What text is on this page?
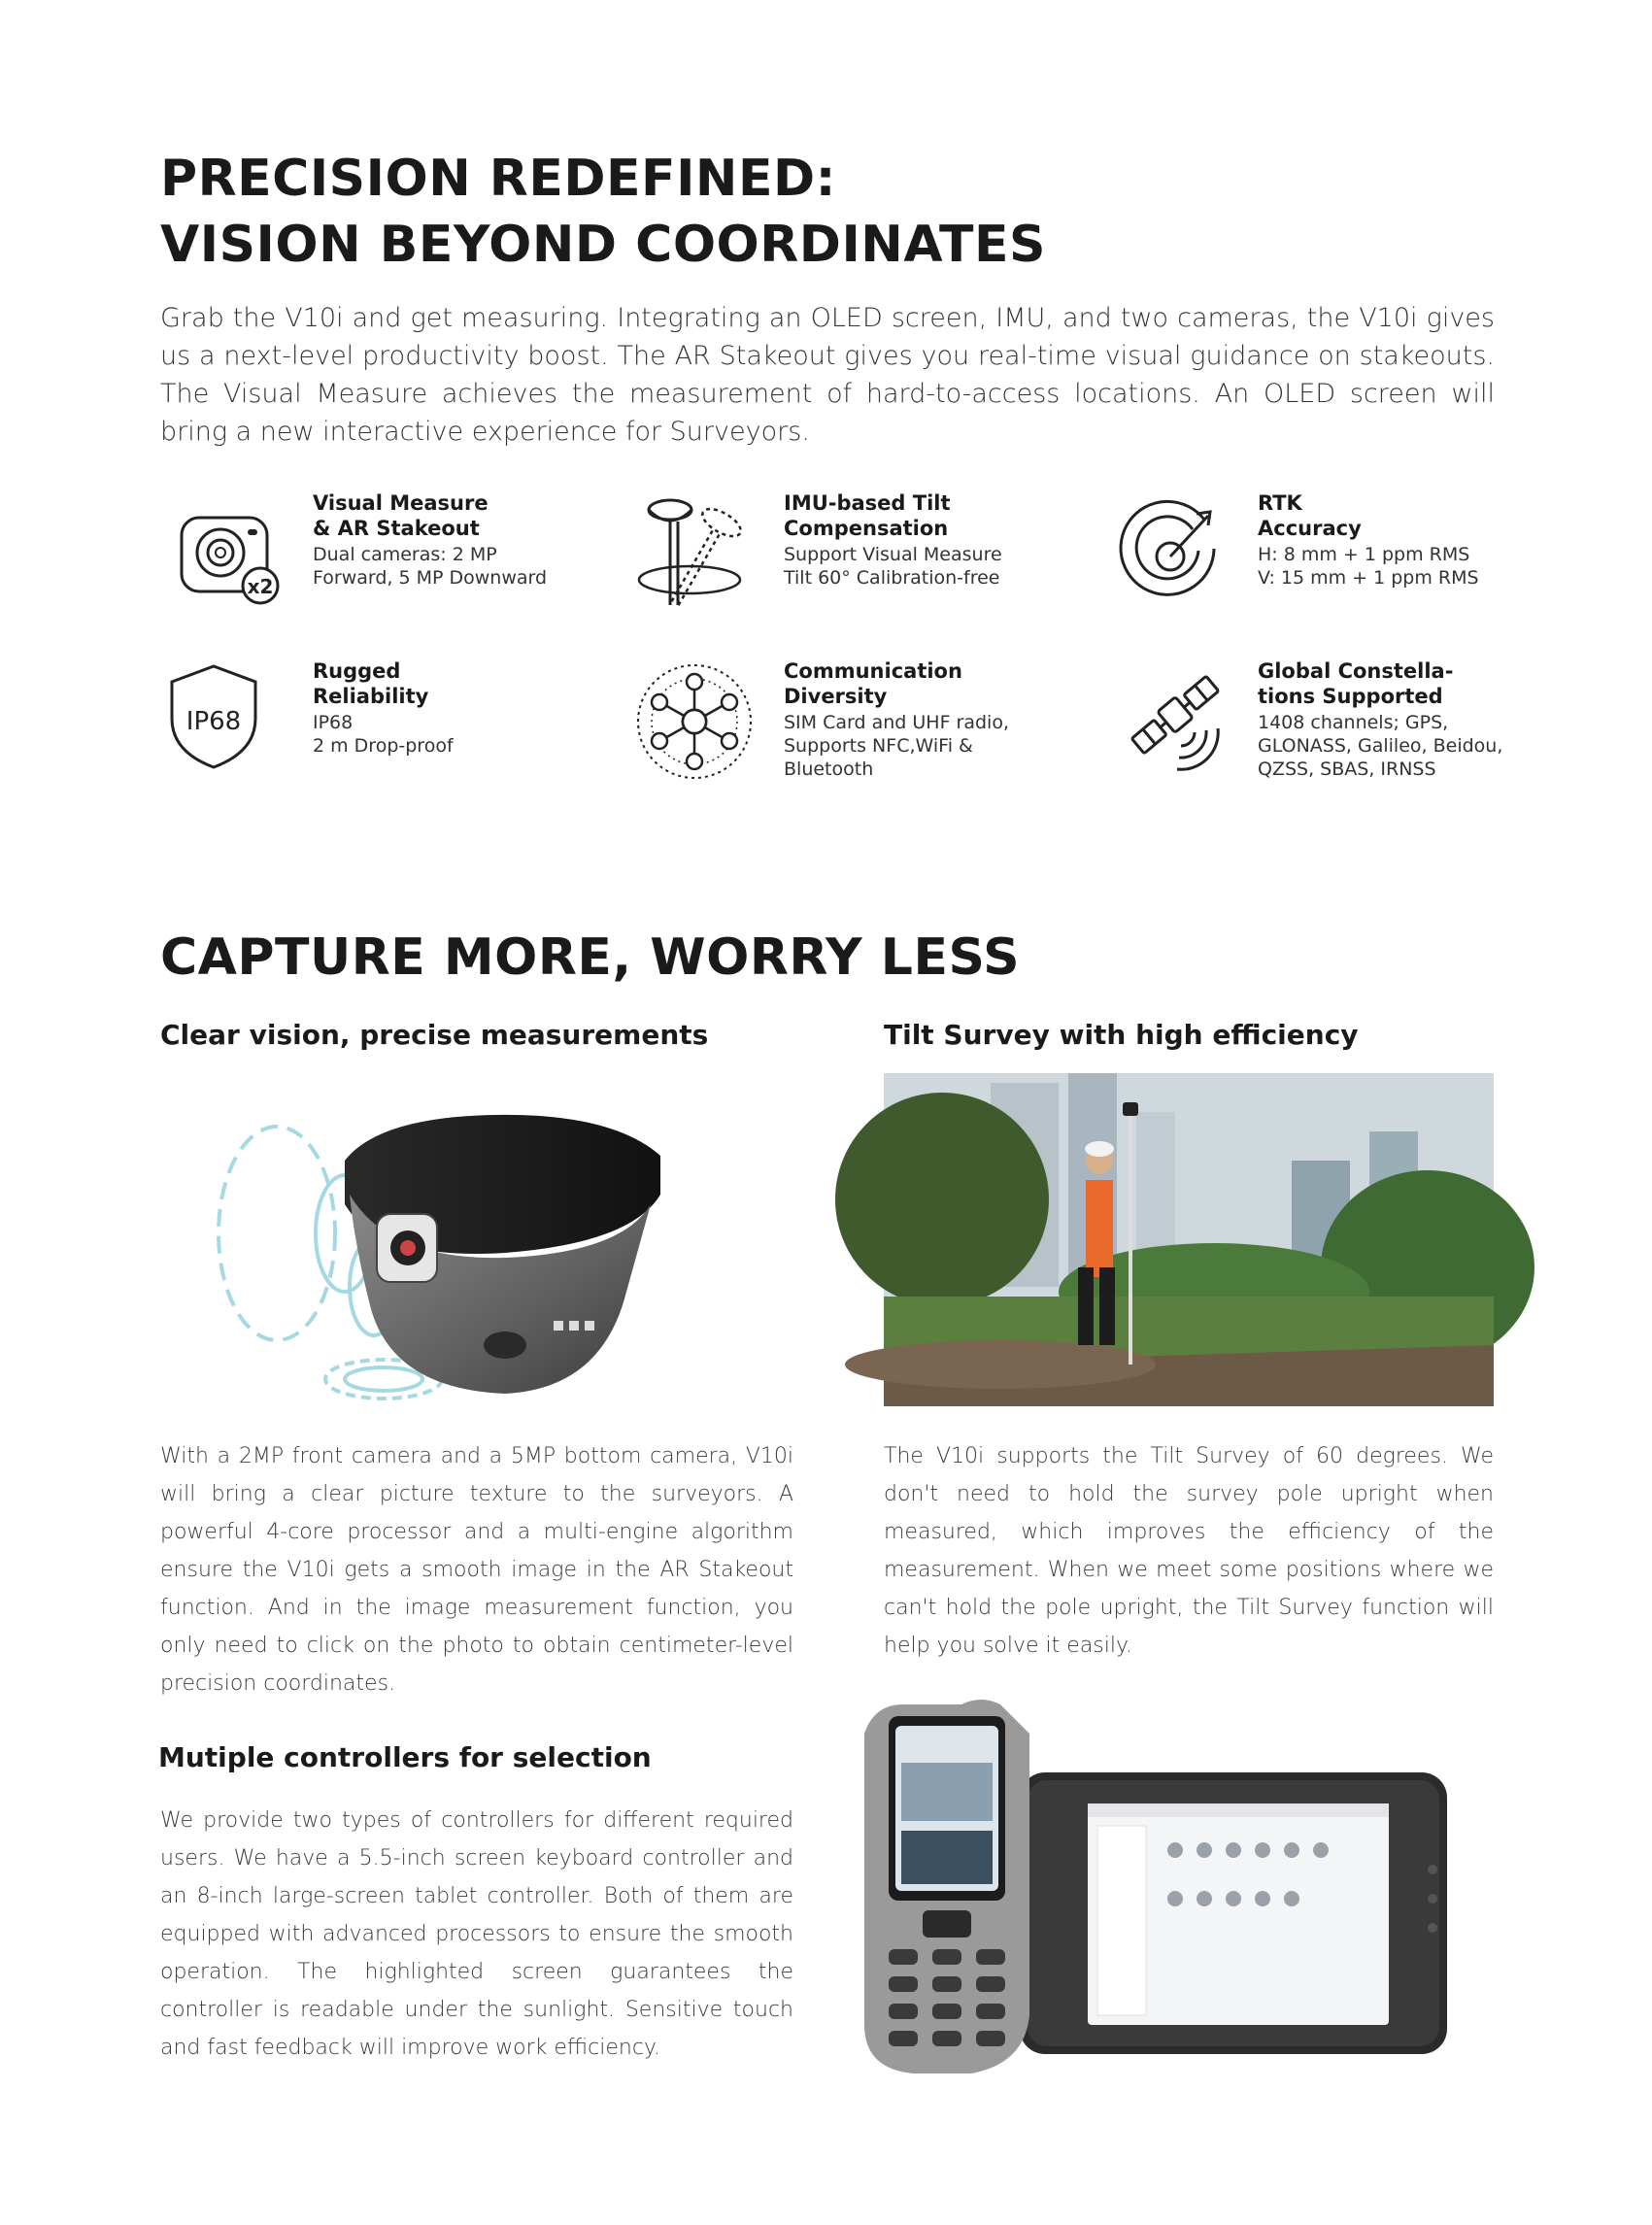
PRECISION REDEFINED:
VISION BEYOND COORDINATES

Grab the V10i and get measuring. Integrating an OLED screen, IMU, and two cameras, the V10i gives us a next-level productivity boost. The AR Stakeout gives you real-time visual guidance on stakeouts. The Visual Measure achieves the measurement of hard-to-access locations. An OLED screen will bring a new interactive experience for Surveyors.

x2
Visual Measure
& AR Stakeout
Dual cameras: 2 MP
Forward, 5 MP Downward
IMU-based Tilt
Compensation
Support Visual Measure
Tilt 60° Calibration-free
RTK
Accuracy
H: 8 mm + 1 ppm RMS
V: 15 mm + 1 ppm RMS
IP68
Rugged
Reliability
IP68
2 m Drop-proof
Communication
Diversity
SIM Card and UHF radio,
Supports NFC,WiFi &
Bluetooth
Global Constella-
tions Supported
1408 channels; GPS,
GLONASS, Galileo, Beidou,
QZSS, SBAS, IRNSS
CAPTURE MORE, WORRY LESS
Clear vision, precise measurements	Tilt Survey with high efficiency

With a 2MP front camera and a 5MP bottom camera, V10i will bring a clear picture texture to the surveyors. A powerful 4-core processor and a multi-engine algorithm ensure the V10i gets a smooth image in the AR Stakeout function. And in the image measurement function, you only need to click on the photo to obtain centimeter-level precision coordinates.

The V10i supports the Tilt Survey of 60 degrees. We don't need to hold the survey pole upright when measured, which improves the efficiency of the measurement. When we meet some positions where we can't hold the pole upright, the Tilt Survey function will help you solve it easily.

Mutiple controllers for selection

We provide two types of controllers for different required users. We have a 5.5-inch screen keyboard controller and an 8-inch large-screen tablet controller. Both of them are equipped with advanced processors to ensure the smooth operation. The highlighted screen guarantees the controller is readable under the sunlight. Sensitive touch and fast feedback will improve work efficiency.
